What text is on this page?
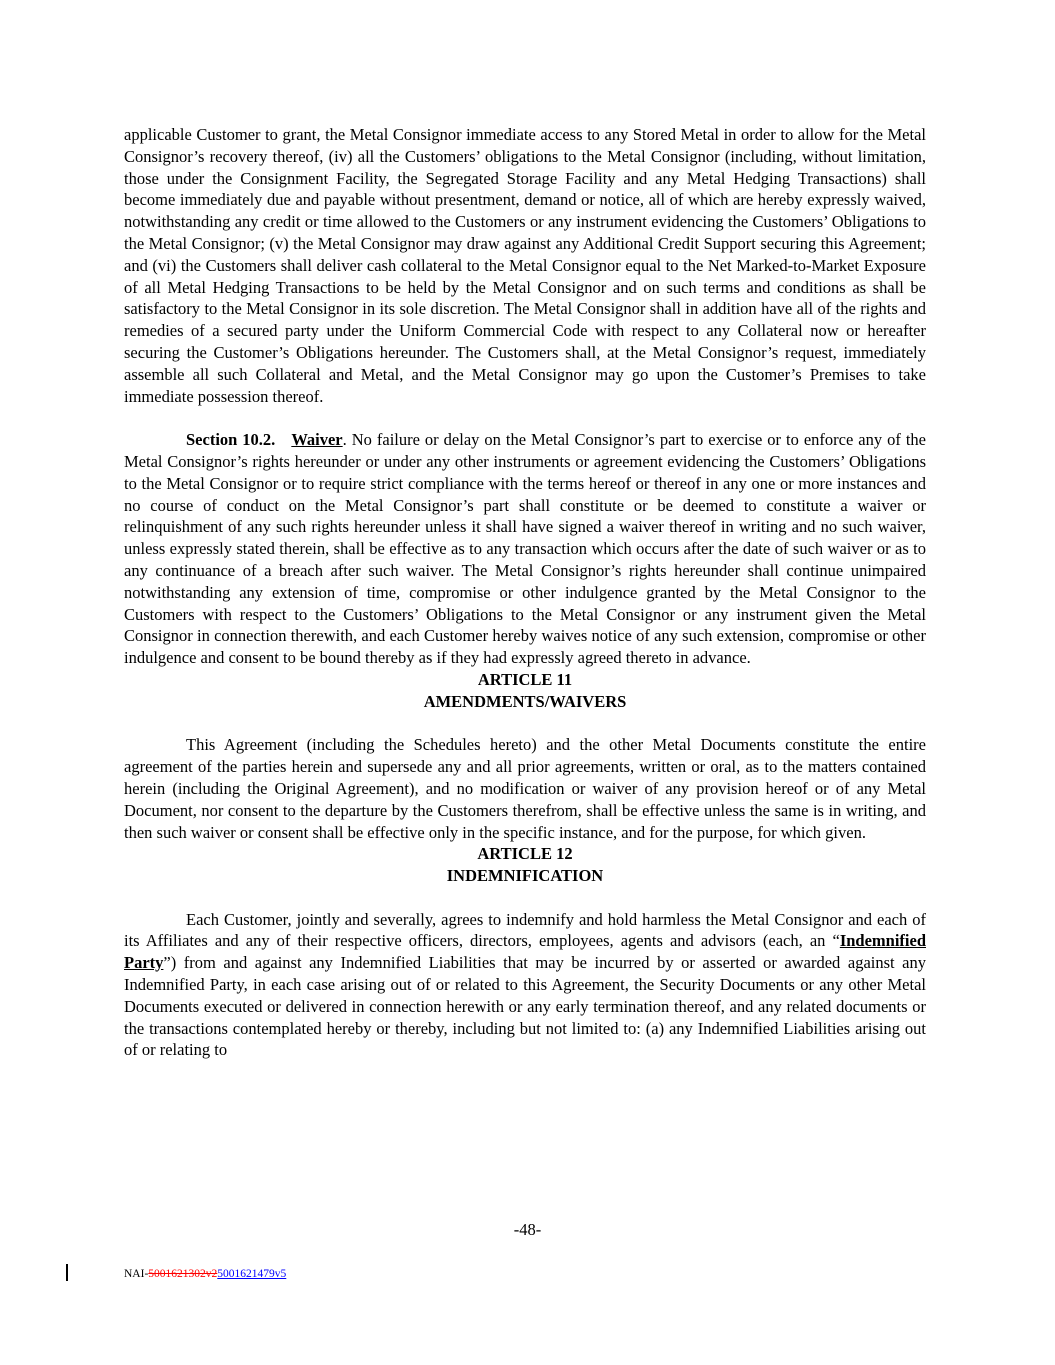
applicable Customer to grant, the Metal Consignor immediate access to any Stored Metal in order to allow for the Metal Consignor’s recovery thereof, (iv) all the Customers’ obligations to the Metal Consignor (including, without limitation, those under the Consignment Facility, the Segregated Storage Facility and any Metal Hedging Transactions) shall become immediately due and payable without presentment, demand or notice, all of which are hereby expressly waived, notwithstanding any credit or time allowed to the Customers or any instrument evidencing the Customers’ Obligations to the Metal Consignor; (v) the Metal Consignor may draw against any Additional Credit Support securing this Agreement; and (vi) the Customers shall deliver cash collateral to the Metal Consignor equal to the Net Marked-to-Market Exposure of all Metal Hedging Transactions to be held by the Metal Consignor and on such terms and conditions as shall be satisfactory to the Metal Consignor in its sole discretion. The Metal Consignor shall in addition have all of the rights and remedies of a secured party under the Uniform Commercial Code with respect to any Collateral now or hereafter securing the Customer’s Obligations hereunder. The Customers shall, at the Metal Consignor’s request, immediately assemble all such Collateral and Metal, and the Metal Consignor may go upon the Customer’s Premises to take immediate possession thereof.

Section 10.2. Waiver. No failure or delay on the Metal Consignor’s part to exercise or to enforce any of the Metal Consignor’s rights hereunder or under any other instruments or agreement evidencing the Customers’ Obligations to the Metal Consignor or to require strict compliance with the terms hereof or thereof in any one or more instances and no course of conduct on the Metal Consignor’s part shall constitute or be deemed to constitute a waiver or relinquishment of any such rights hereunder unless it shall have signed a waiver thereof in writing and no such waiver, unless expressly stated therein, shall be effective as to any transaction which occurs after the date of such waiver or as to any continuance of a breach after such waiver. The Metal Consignor’s rights hereunder shall continue unimpaired notwithstanding any extension of time, compromise or other indulgence granted by the Metal Consignor to the Customers with respect to the Customers’ Obligations to the Metal Consignor or any instrument given the Metal Consignor in connection therewith, and each Customer hereby waives notice of any such extension, compromise or other indulgence and consent to be bound thereby as if they had expressly agreed thereto in advance.

ARTICLE 11

AMENDMENTS/WAIVERS

This Agreement (including the Schedules hereto) and the other Metal Documents constitute the entire agreement of the parties herein and supersede any and all prior agreements, written or oral, as to the matters contained herein (including the Original Agreement), and no modification or waiver of any provision hereof or of any Metal Document, nor consent to the departure by the Customers therefrom, shall be effective unless the same is in writing, and then such waiver or consent shall be effective only in the specific instance, and for the purpose, for which given.

ARTICLE 12

INDEMNIFICATION

Each Customer, jointly and severally, agrees to indemnify and hold harmless the Metal Consignor and each of its Affiliates and any of their respective officers, directors, employees, agents and advisors (each, an “Indemnified Party”) from and against any Indemnified Liabilities that may be incurred by or asserted or awarded against any Indemnified Party, in each case arising out of or related to this Agreement, the Security Documents or any other Metal Documents executed or delivered in connection herewith or any early termination thereof, and any related documents or the transactions contemplated hereby or thereby, including but not limited to: (a) any Indemnified Liabilities arising out of or relating to

-48-
NAI-5001621302v25001621479v5
